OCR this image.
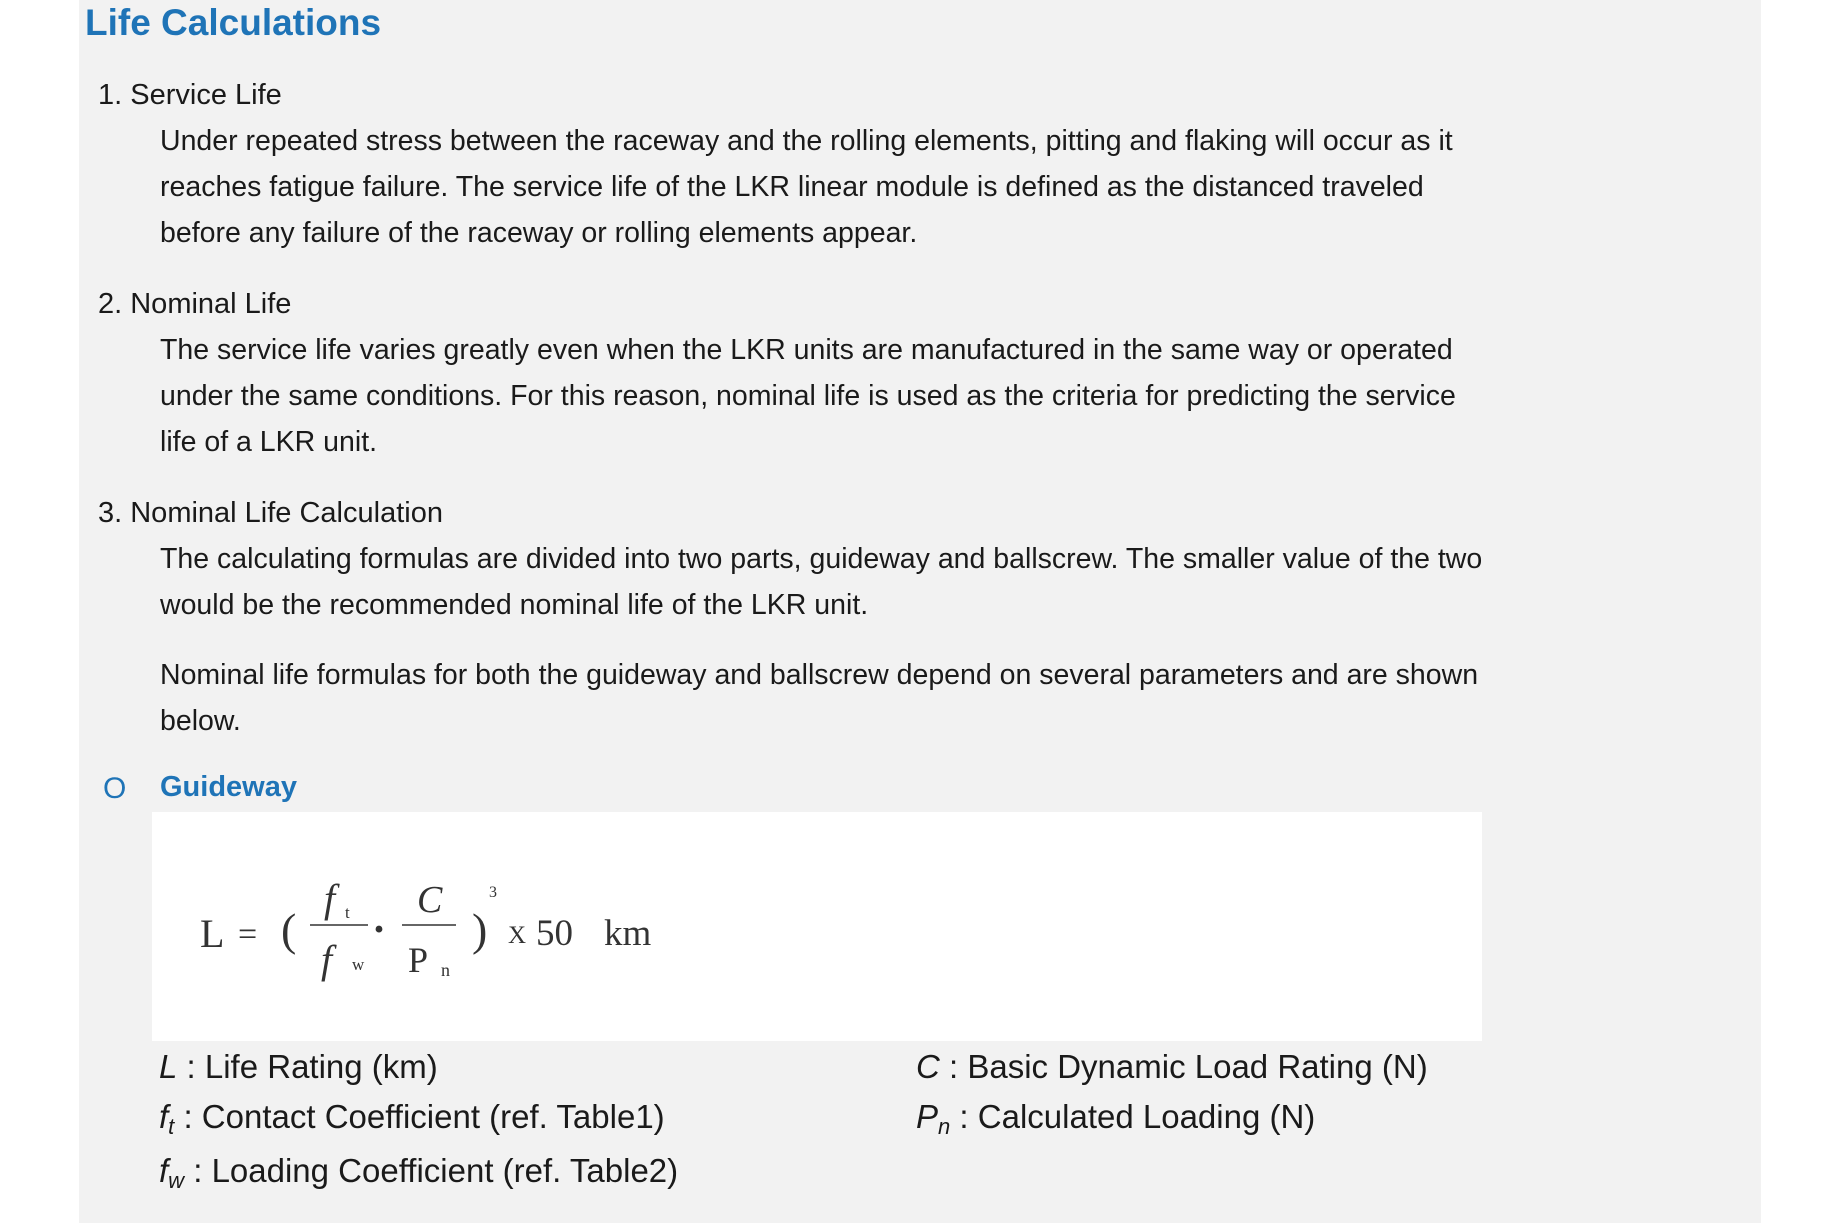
Life Calculations
1. Service Life
Under repeated stress between the raceway and the rolling elements, pitting and flaking will occur as it
reaches fatigue failure. The service life of the LKR linear module is defined as the distanced traveled
before any failure of the raceway or rolling elements appear.
2. Nominal Life
The service life varies greatly even when the LKR units are manufactured in the same way or operated
under the same conditions. For this reason, nominal life is used as the criteria for predicting the service
life of a LKR unit.
3. Nominal Life Calculation
The calculating formulas are divided into two parts, guideway and ballscrew. The smaller value of the two
would be the recommended nominal life of the LKR unit.
Nominal life formulas for both the guideway and ballscrew depend on several parameters and are shown
below.
O Guideway
L = (
f t
f w
·
C
P n
)
3
X 50 km
L : Life Rating (km)
$f_t$ : Contact Coefficient (ref. Table1)
$f_w$ : Loading Coefficient (ref. Table2)
C : Basic Dynamic Load Rating (N)
$P_n$ : Calculated Loading (N)
